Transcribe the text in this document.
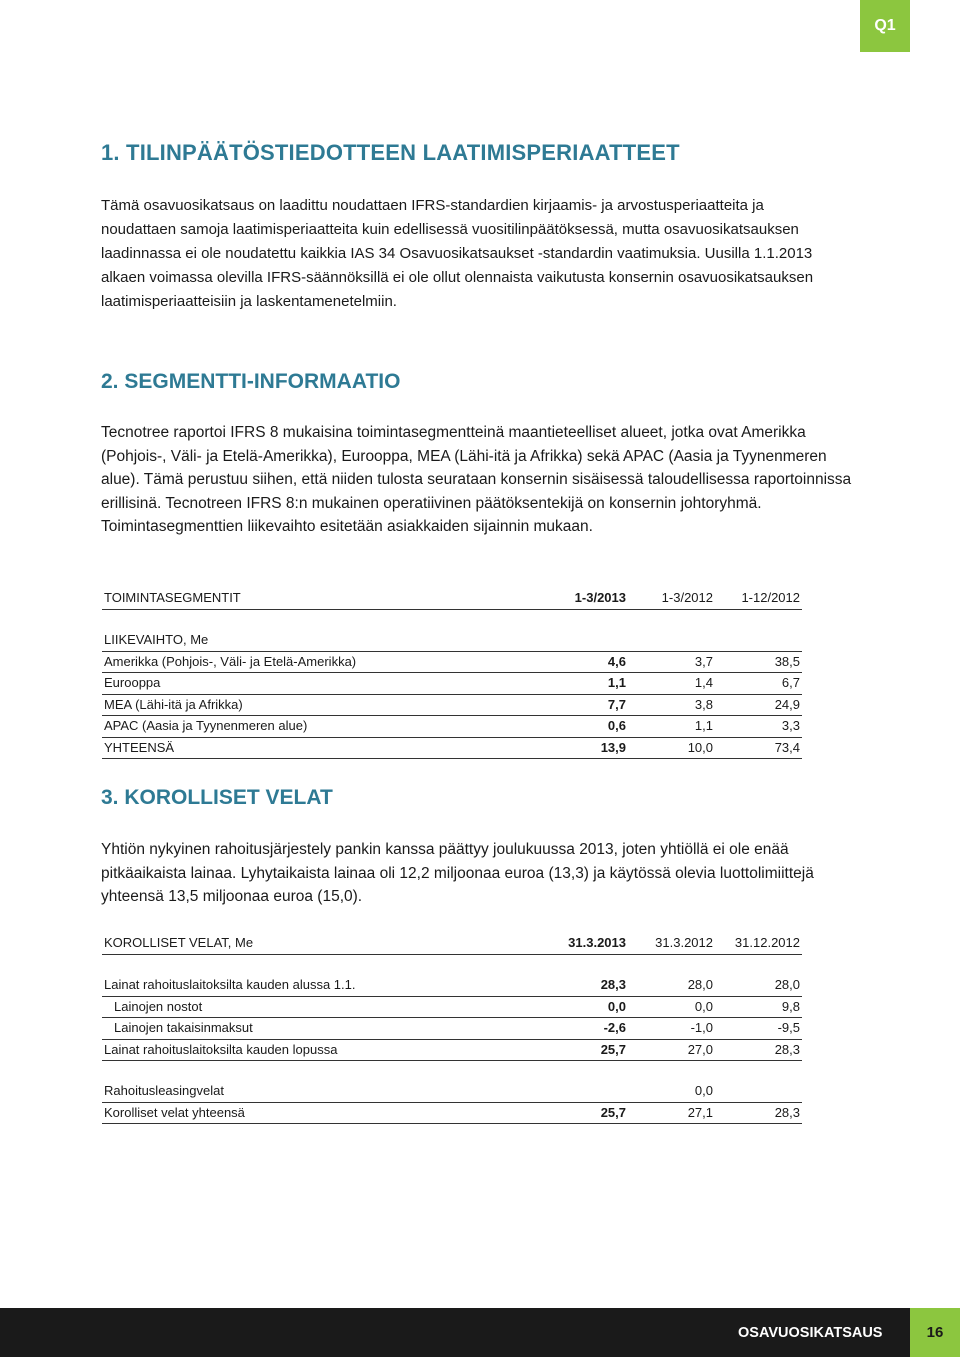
Q1
1. TILINPÄÄTÖSTIEDOTTEEN LAATIMISPERIAATTEET
Tämä osavuosikatsaus on laadittu noudattaen IFRS-standardien kirjaamis- ja arvostusperiaatteita ja noudattaen samoja laatimisperiaatteita kuin edellisessä vuositilinpäätöksessä, mutta osavuosikatsauksen laadinnassa ei ole noudatettu kaikkia IAS 34 Osavuosikatsaukset -standardin vaatimuksia. Uusilla 1.1.2013 alkaen voimassa olevilla IFRS-säännöksillä ei ole ollut olennaista vaikutusta konsernin osavuosikatsauksen laatimisperiaatteisiin ja laskentamenetelmiin.
2. SEGMENTTI-INFORMAATIO
Tecnotree raportoi IFRS 8 mukaisina toimintasegmentteinä maantieteelliset alueet, jotka ovat Amerikka (Pohjois-, Väli- ja Etelä-Amerikka), Eurooppa, MEA (Lähi-itä ja Afrikka) sekä APAC (Aasia ja Tyynenmeren alue). Tämä perustuu siihen, että niiden tulosta seurataan konsernin sisäisessä taloudellisessa raportoinnissa erillisinä. Tecnotreen IFRS 8:n mukainen operatiivinen päätöksentekijä on konsernin johtoryhmä. Toimintasegmenttien liikevaihto esitetään asiakkaiden sijainnin mukaan.
TOIMINTASEGMENTIT	1-3/2013	1-3/2012	1-12/2012

LIIKEVAIHTO, Me			
Amerikka (Pohjois-, Väli- ja Etelä-Amerikka)	4,6	3,7	38,5
Eurooppa	1,1	1,4	6,7
MEA (Lähi-itä ja Afrikka)	7,7	3,8	24,9
APAC (Aasia ja Tyynenmeren alue)	0,6	1,1	3,3
YHTEENSÄ	13,9	10,0	73,4
3. KOROLLISET VELAT
Yhtiön nykyinen rahoitusjärjestely pankin kanssa päättyy joulukuussa 2013, joten yhtiöllä ei ole enää pitkäaikaista lainaa. Lyhytaikaista lainaa oli 12,2 miljoonaa euroa (13,3) ja käytössä olevia luottolimiittejä yhteensä 13,5 miljoonaa euroa (15,0).
KOROLLISET VELAT, Me	31.3.2013	31.3.2012	31.12.2012

Lainat rahoituslaitoksilta kauden alussa 1.1.	28,3	28,0	28,0
Lainojen nostot	0,0	0,0	9,8
Lainojen takaisinmaksut	-2,6	-1,0	-9,5
Lainat rahoituslaitoksilta kauden lopussa	25,7	27,0	28,3

Rahoitusleasingvelat		0,0	
Korolliset velat yhteensä	25,7	27,1	28,3
OSAVUOSIKATSAUS	16
